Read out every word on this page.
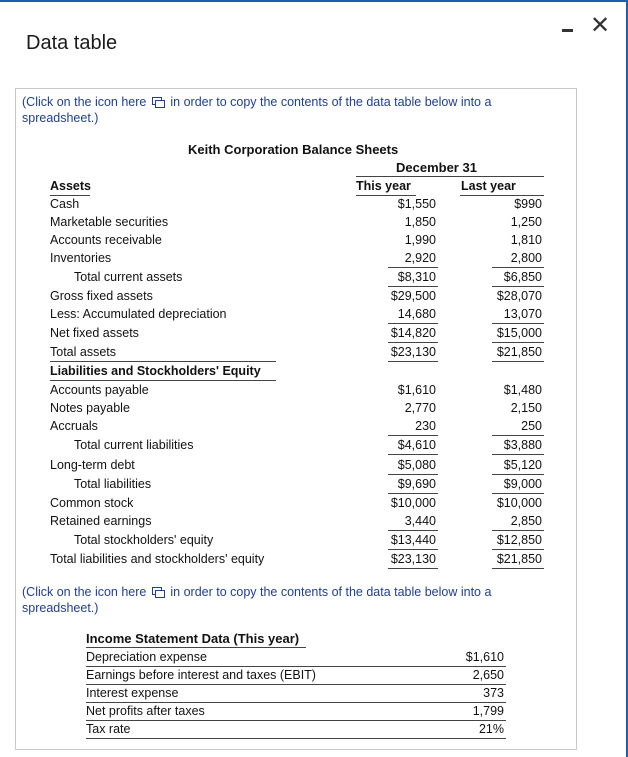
Data table
✕
(Click on the icon here in order to copy the contents of the data table below into a
spreadsheet.)
Keith Corporation Balance Sheets
December 31
Assets	This year	Last year
Cash	$1,550	$990
Marketable securities	1,850	1,250
Accounts receivable	1,990	1,810
Inventories	2,920	2,800
Total current assets	$8,310	$6,850
Gross fixed assets	$29,500	$28,070
Less: Accumulated depreciation	14,680	13,070
Net fixed assets	$14,820	$15,000
Total assets	$23,130	$21,850
Liabilities and Stockholders' Equity
Accounts payable	$1,610	$1,480
Notes payable	2,770	2,150
Accruals	230	250
Total current liabilities	$4,610	$3,880
Long-term debt	$5,080	$5,120
Total liabilities	$9,690	$9,000
Common stock	$10,000	$10,000
Retained earnings	3,440	2,850
Total stockholders' equity	$13,440	$12,850
Total liabilities and stockholders' equity	$23,130	$21,850
(Click on the icon here in order to copy the contents of the data table below into a
spreadsheet.)
Income Statement Data (This year)
Depreciation expense	$1,610
Earnings before interest and taxes (EBIT)	2,650
Interest expense	373
Net profits after taxes	1,799
Tax rate	21%
